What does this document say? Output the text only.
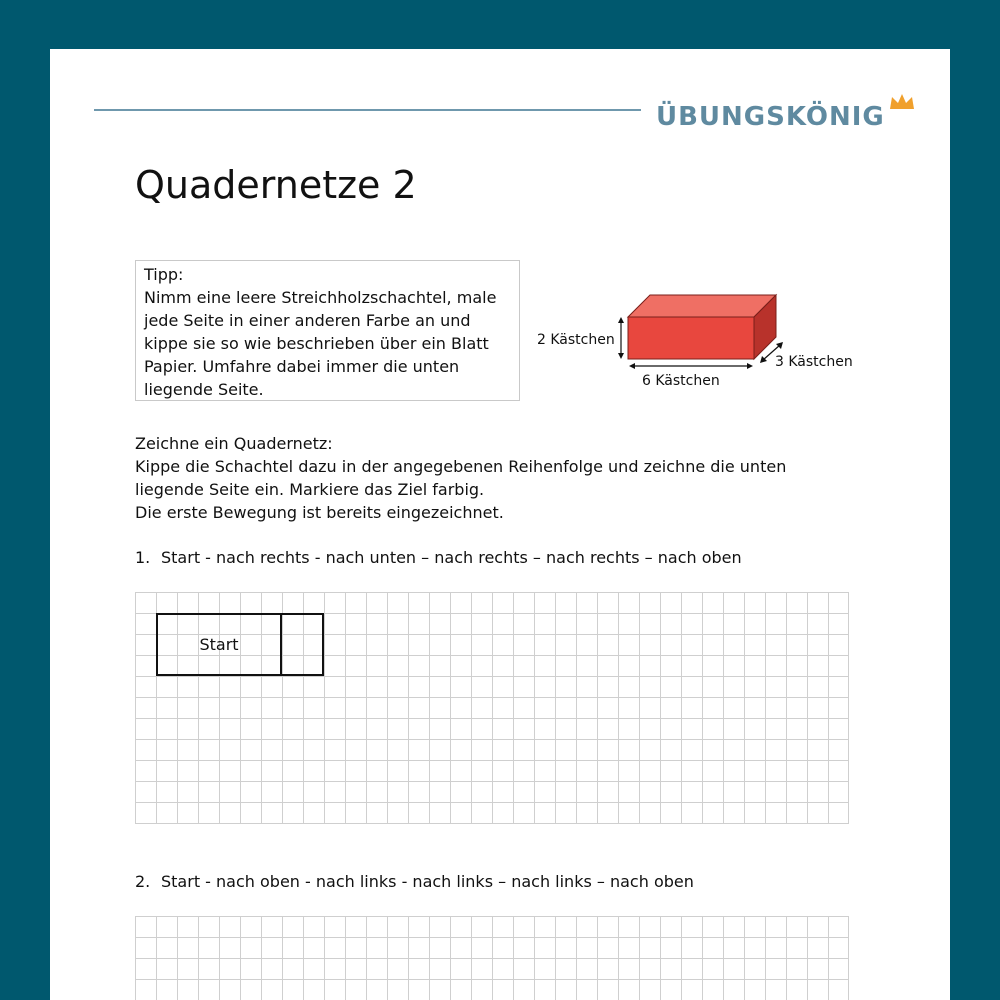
ÜBUNGSKÖNIG
Quadernetze 2
Tipp:
Nimm eine leere Streichholzschachtel, male jede Seite in einer anderen Farbe an und kippe sie so wie beschrieben über ein Blatt Papier. Umfahre dabei immer die unten liegende Seite.
2 Kästchen
6 Kästchen
3 Kästchen
Zeichne ein Quadernetz:
Kippe die Schachtel dazu in der angegebenen Reihenfolge und zeichne die unten
liegende Seite ein. Markiere das Ziel farbig.
Die erste Bewegung ist bereits eingezeichnet.
1. Start - nach rechts - nach unten – nach rechts – nach rechts – nach oben
Start
2. Start - nach oben - nach links - nach links – nach links – nach oben
